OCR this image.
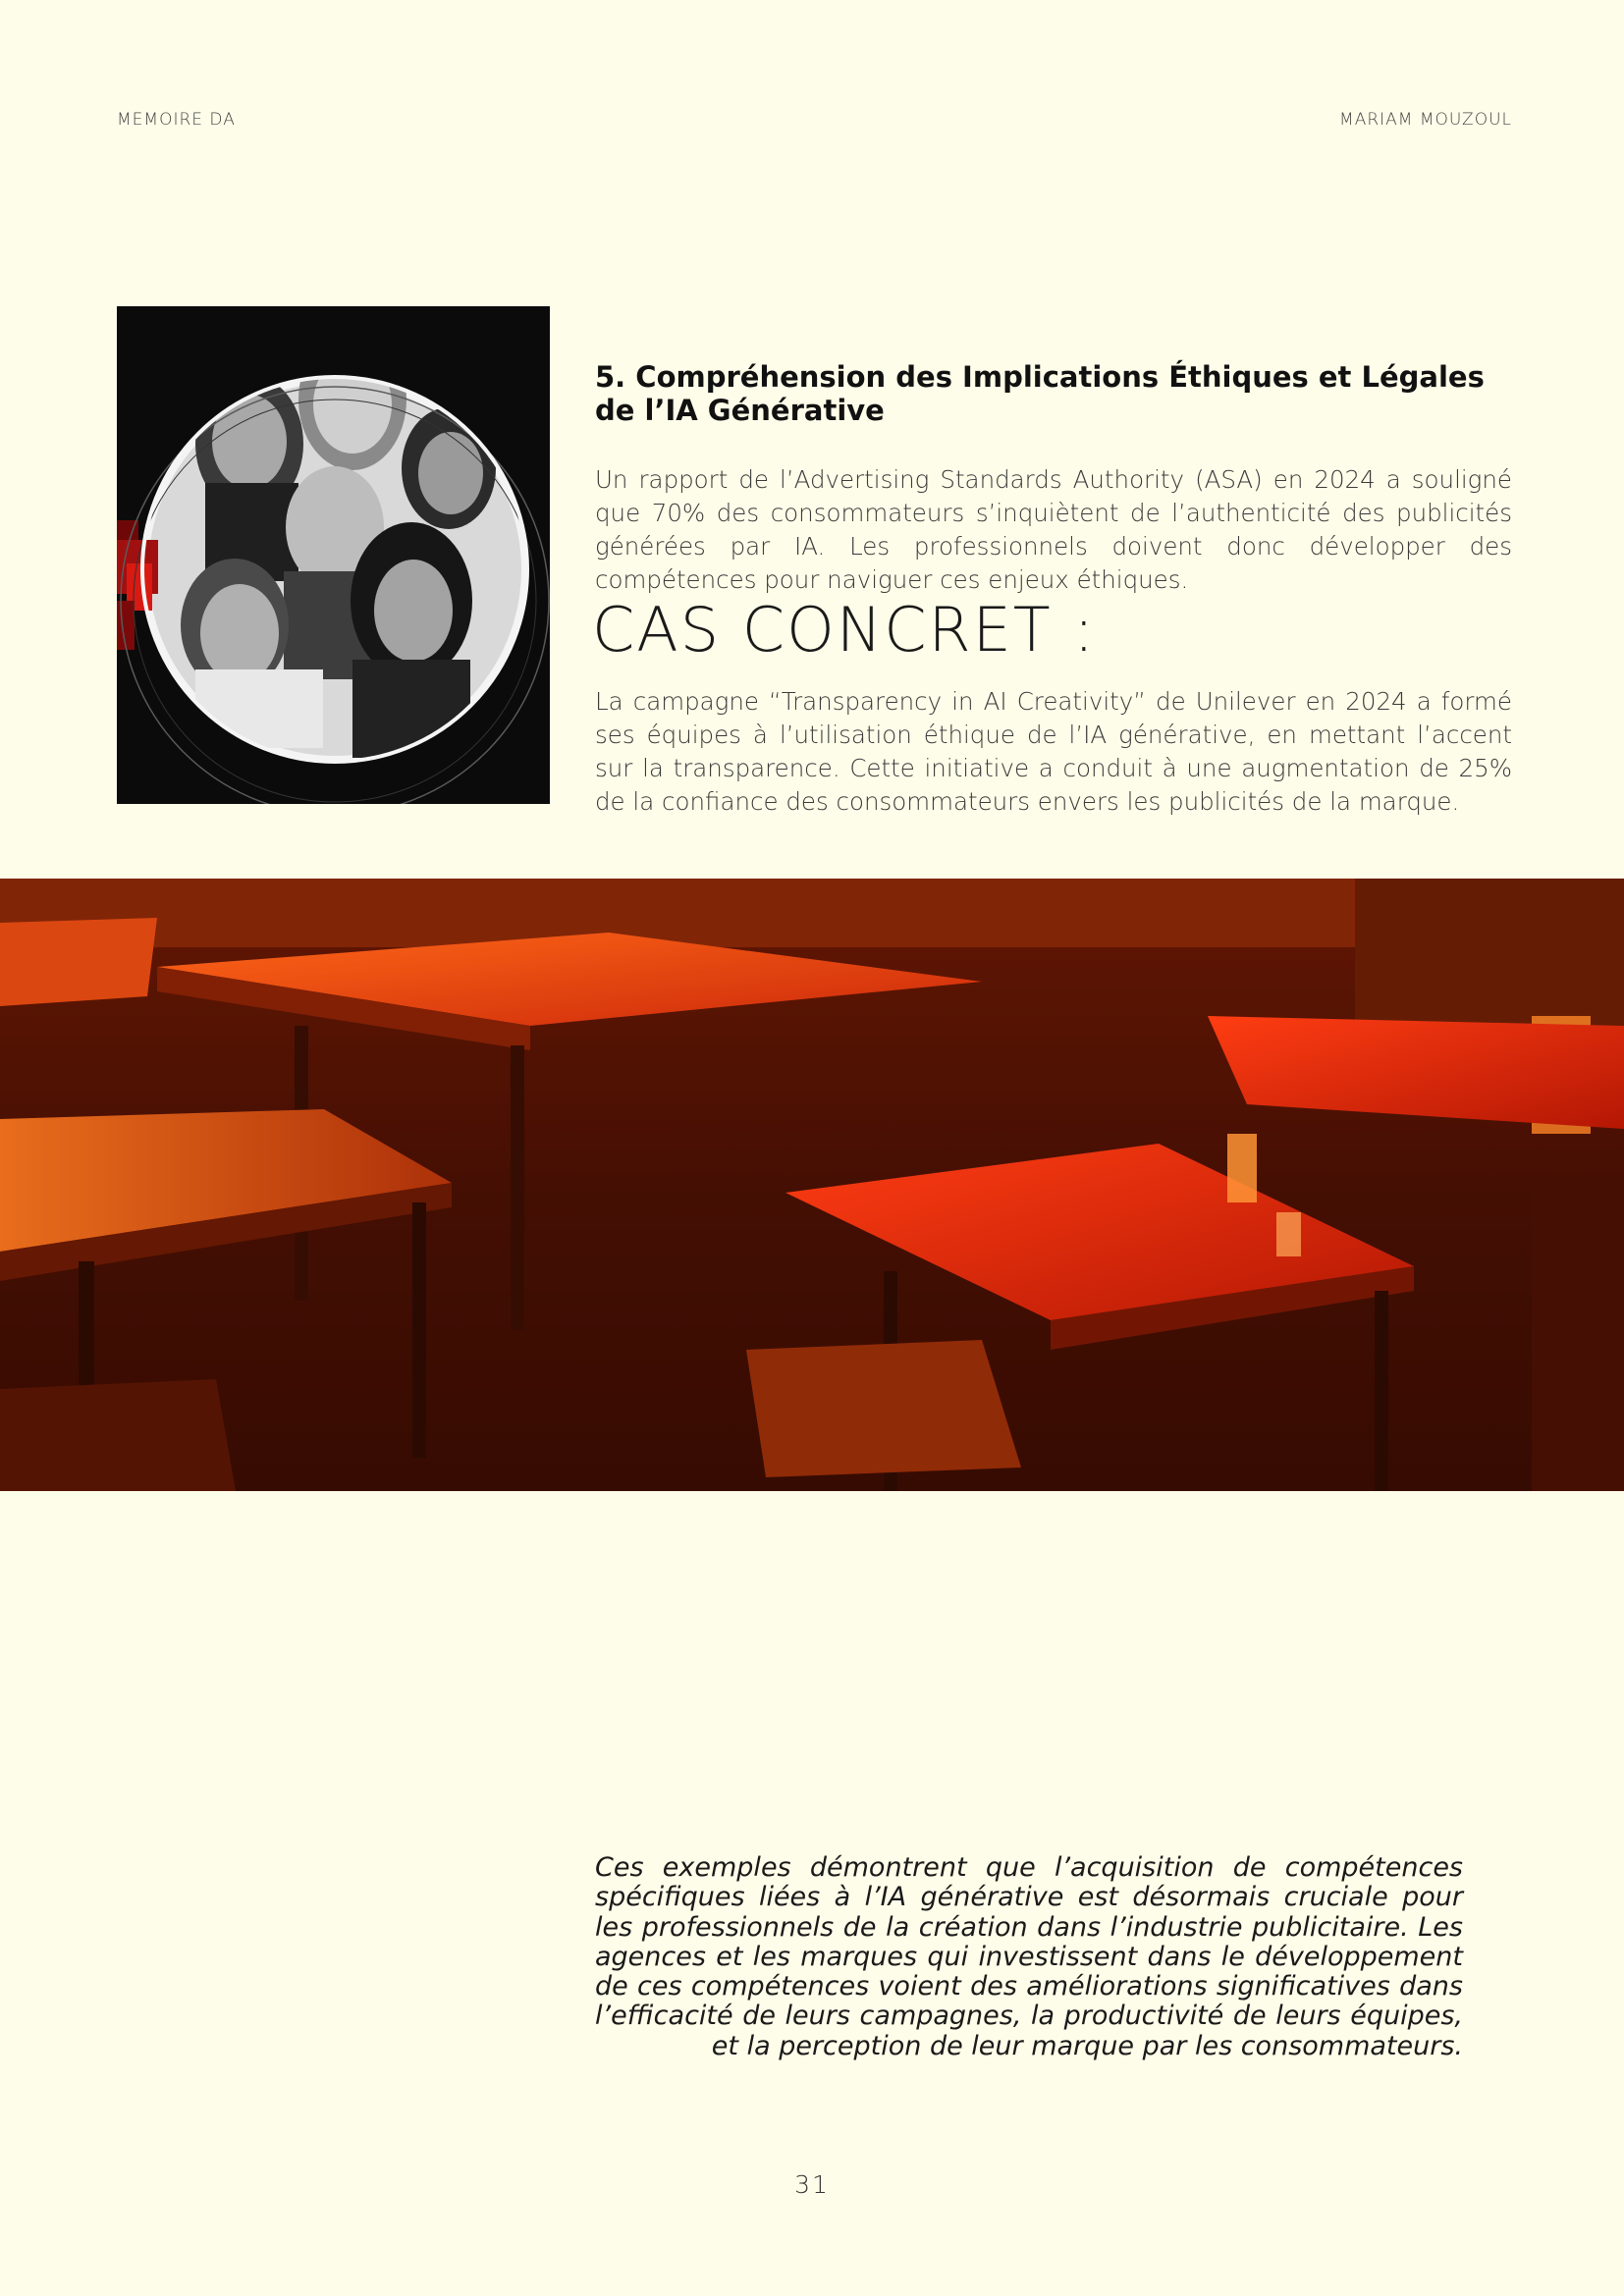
MEMOIRE DA	MARIAM MOUZOUL
5. Compréhension des Implications Éthiques et Légales de l’IA Générative

Un rapport de l’Advertising Standards Authority (ASA) en 2024 a souligné que 70% des consommateurs s’inquiètent de l’authenticité des publicités générées par IA. Les professionnels doivent donc développer des compétences pour naviguer ces enjeux éthiques.

CAS CONCRET :

La campagne “Transparency in AI Creativity” de Unilever en 2024 a formé ses équipes à l’utilisation éthique de l’IA générative, en mettant l’accent sur la transparence. Cette initiative a conduit à une augmentation de 25% de la confiance des consommateurs envers les publicités de la marque.

Ces exemples démontrent que l’acquisition de compétences spécifiques liées à l’IA générative est désormais cruciale pour les professionnels de la création dans l’industrie publicitaire. Les agences et les marques qui investissent dans le développement de ces compétences voient des améliorations significatives dans l’efficacité de leurs campagnes, la productivité de leurs équipes, et la perception de leur marque par les consommateurs.

31
